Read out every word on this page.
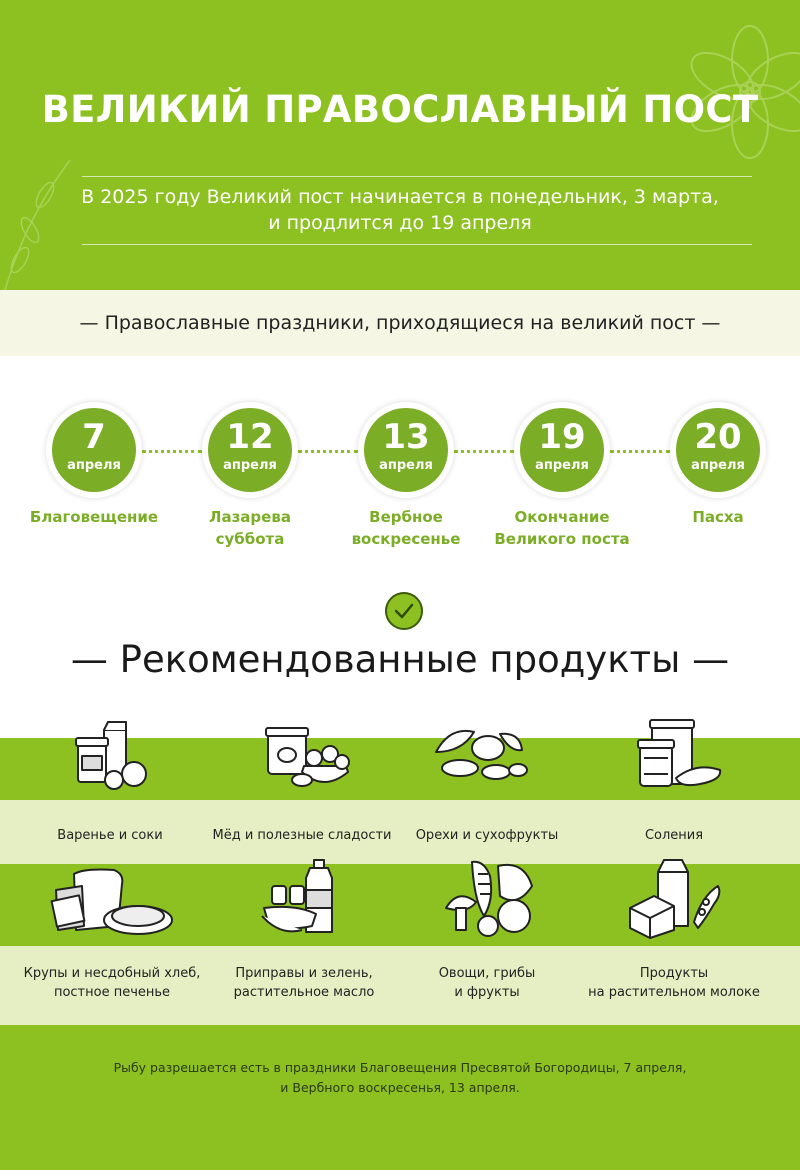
ВЕЛИКИЙ ПРАВОСЛАВНЫЙ ПОСТ
В 2025 году Великий пост начинается в понедельник, 3 марта,
и продлится до 19 апреля
— Православные праздники, приходящиеся на великий пост —
7
апреля
12
апреля
13
апреля
19
апреля
20
апреля
Благовещение	Лазарева
суббота
Вербное
воскресенье
Окончание
Великого поста
Пасха
— Рекомендованные продукты —
Варенье и соки	Мёд и полезные сладости	Орехи и сухофрукты	Соления
Крупы и несдобный хлеб,
постное печенье
Приправы и зелень,
растительное масло
Овощи, грибы
и фрукты
Продукты
на растительном молоке
Рыбу разрешается есть в праздники Благовещения Пресвятой Богородицы, 7 апреля,
и Вербного воскресенья, 13 апреля.
